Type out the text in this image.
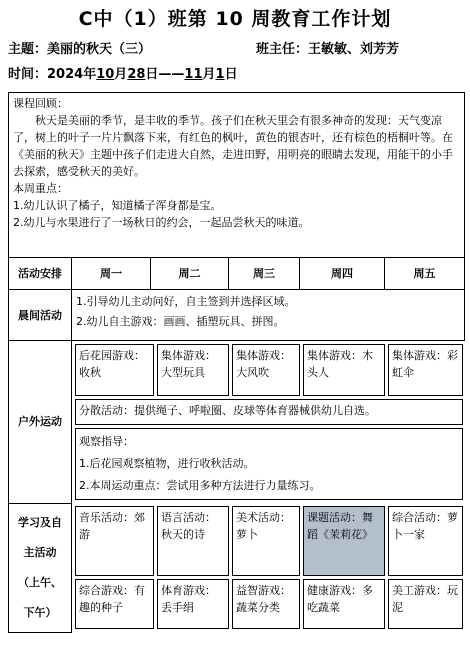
C中（1）班第 10 周教育工作计划
主题：美丽的秋天（三）	班主任：王敏敏、刘芳芳
时间：2024年10月28日——11月1日

课程回顾：

秋天是美丽的季节，是丰收的季节。孩子们在秋天里会有很多神奇的发现：天气变凉了，树上的叶子一片片飘落下来，有红色的枫叶，黄色的银杏叶，还有棕色的梧桐叶等。在《美丽的秋天》主题中孩子们走进大自然，走进田野，用明亮的眼睛去发现，用能干的小手去探索，感受秋天的美好。

本周重点：

1.幼儿认识了橘子，知道橘子浑身都是宝。

2.幼儿与水果进行了一场秋日的约会，一起品尝秋天的味道。

活动安排	周一	周二	周三	周四	周五
晨间活动	
1.引导幼儿主动问好，自主签到并选择区域。
2.幼儿自主游戏：画画、插塑玩具、拼图。

户外运动	
后花园游戏：收秋	集体游戏：大型玩具	集体游戏：大风吹	集体游戏：木头人	集体游戏：彩虹伞
分散活动：提供绳子、呼啦圈、皮球等体育器械供幼儿自选。

观察指导：
1.后花园观察植物，进行收秋活动。
2.本周运动重点：尝试用多种方法进行力量练习。

学习及自
主活动
（上午、
下午）

音乐活动：郊游	语言活动：秋天的诗	美术活动：萝卜	课题活动：舞蹈《茉莉花》	综合活动：萝卜一家
综合游戏：有趣的种子	体育游戏：丢手绢	益智游戏：蔬菜分类	健康游戏：多吃蔬菜	美工游戏：玩泥
